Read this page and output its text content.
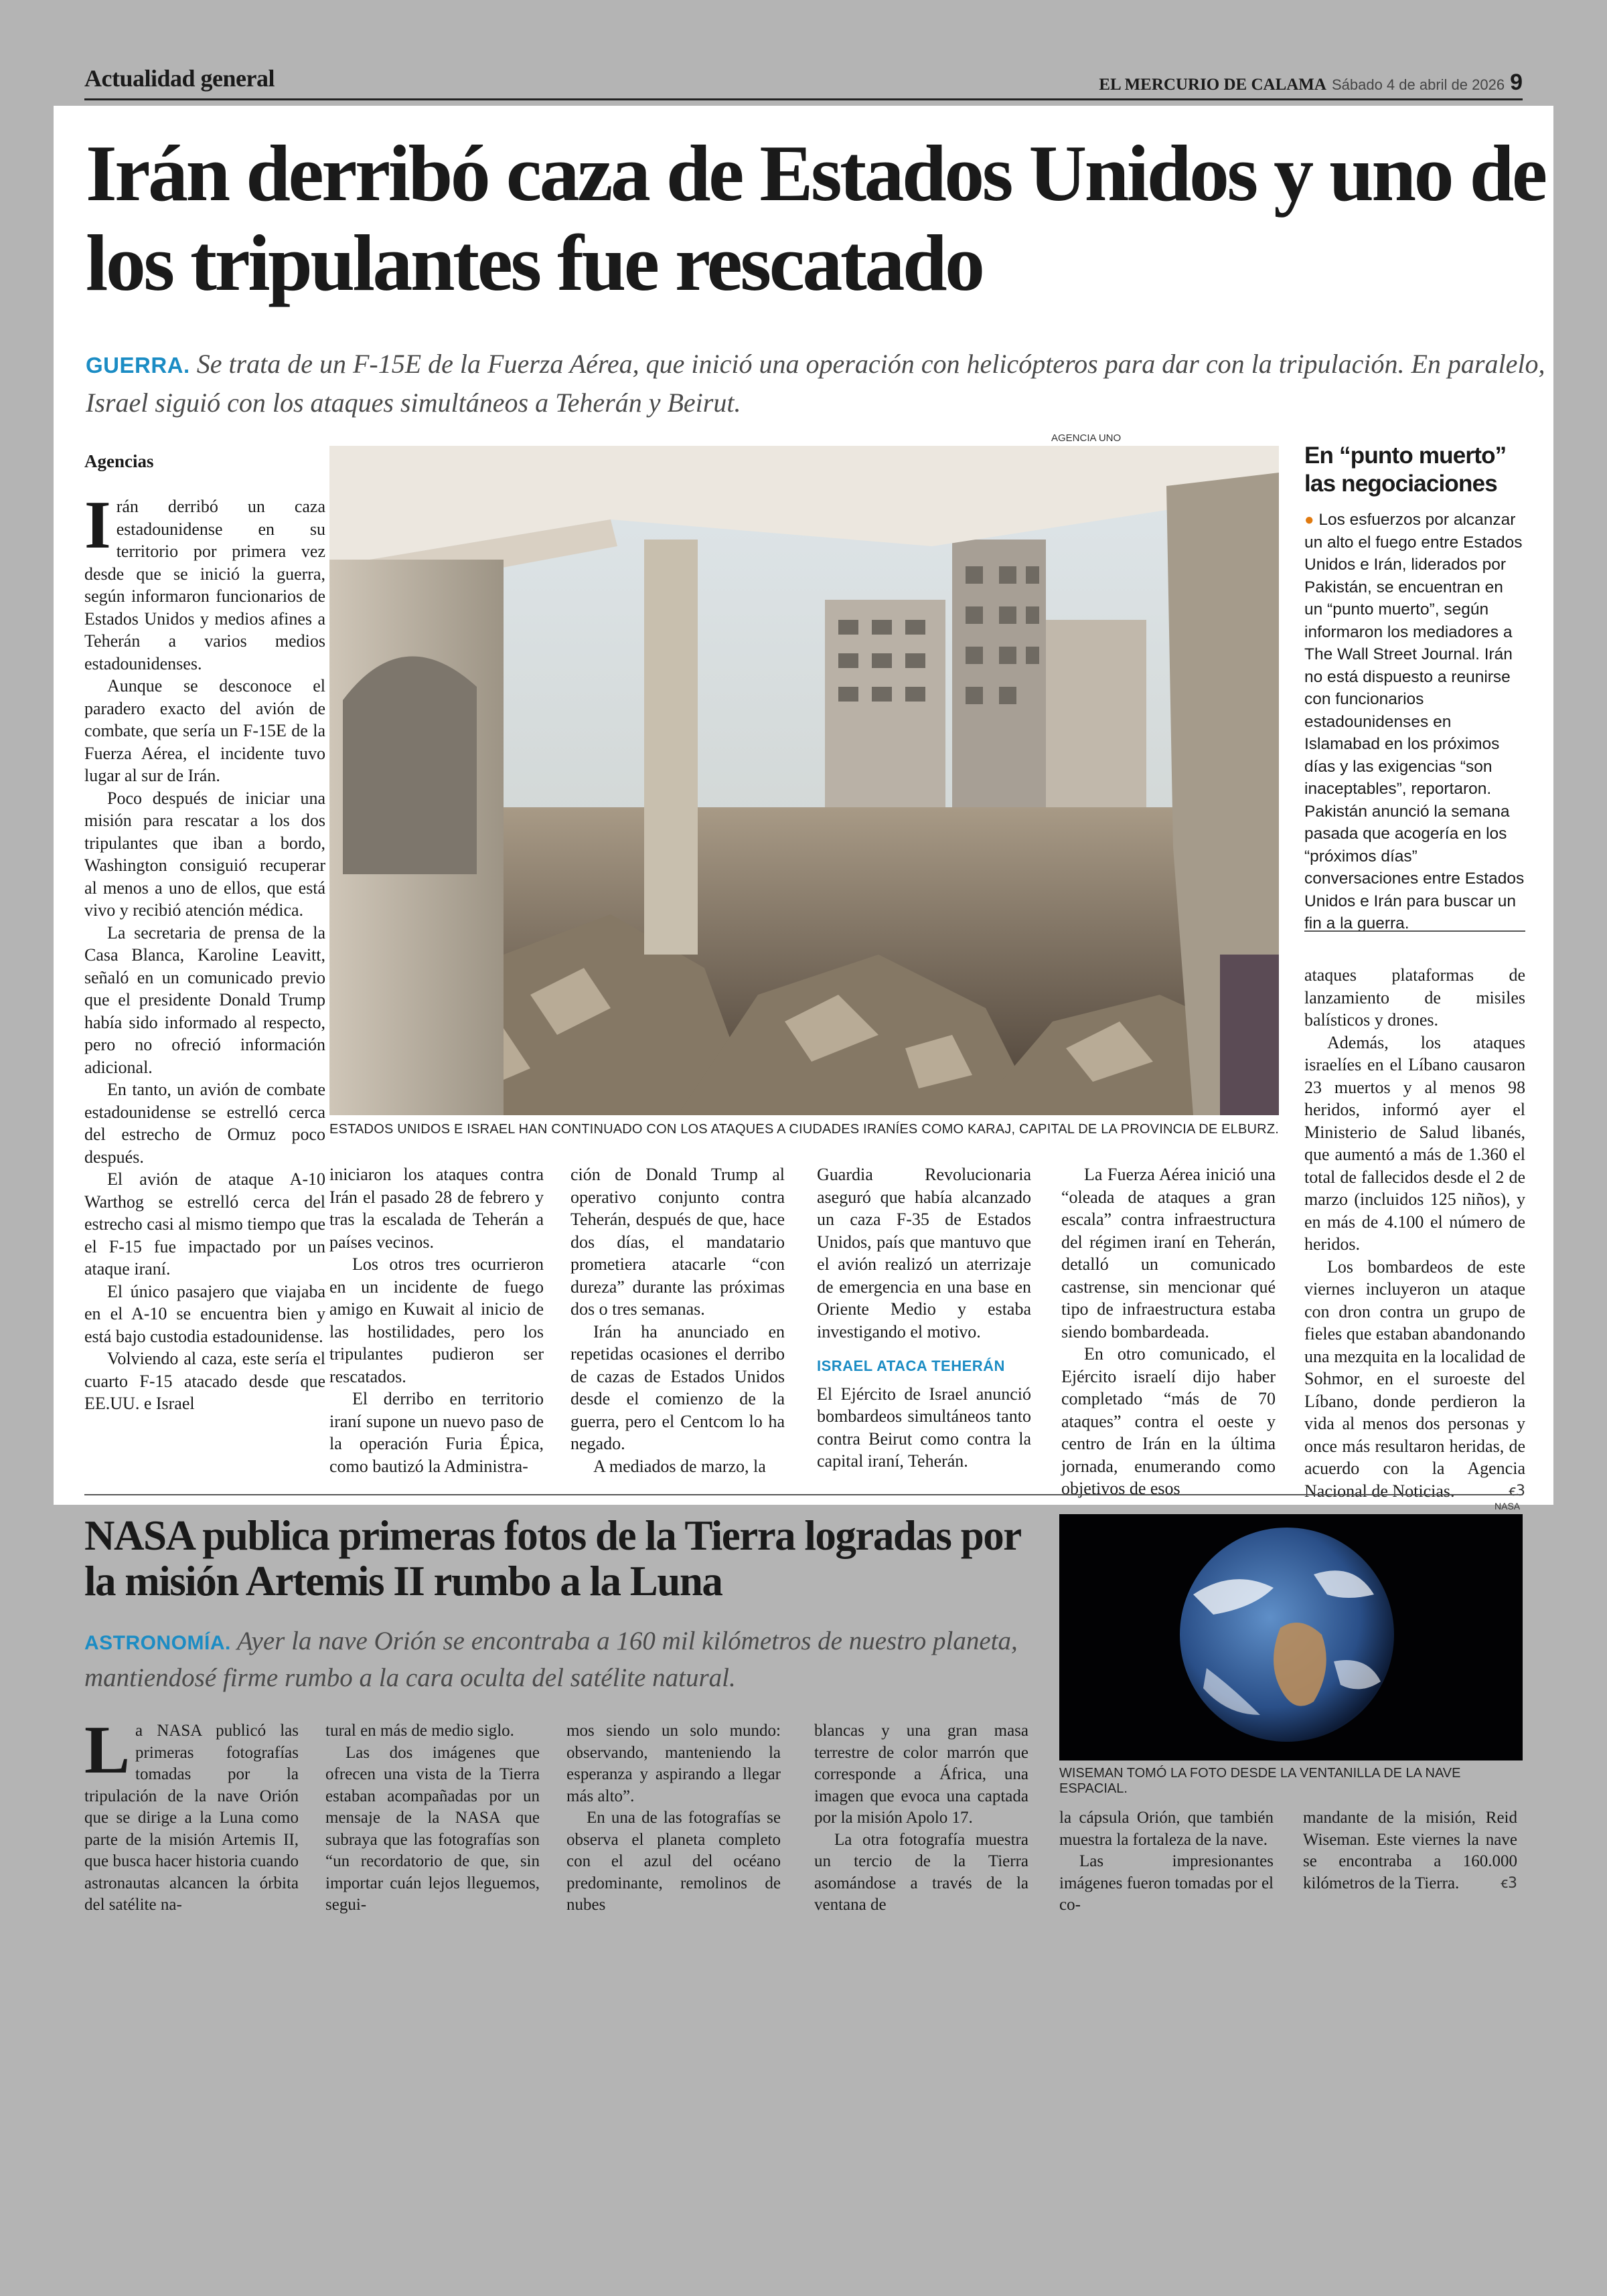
Actualidad general	EL MERCURIO DE CALAMA Sábado 4 de abril de 2026 9
Irán derribó caza de Estados Unidos y uno de los tripulantes fue rescatado
GUERRA. Se trata de un F-15E de la Fuerza Aérea, que inició una operación con helicópteros para dar con la tripulación. En paralelo, Israel siguió con los ataques simultáneos a Teherán y Beirut.
Agencias

Irán derribó un caza estadounidense en su territorio por primera vez desde que se inició la guerra, según informaron funcionarios de Estados Unidos y medios afines a Teherán a varios medios estadounidenses.

Aunque se desconoce el paradero exacto del avión de combate, que sería un F-15E de la Fuerza Aérea, el incidente tuvo lugar al sur de Irán.

Poco después de iniciar una misión para rescatar a los dos tripulantes que iban a bordo, Washington consiguió recuperar al menos a uno de ellos, que está vivo y recibió atención médica.

La secretaria de prensa de la Casa Blanca, Karoline Leavitt, señaló en un comunicado previo que el presidente Donald Trump había sido informado al respecto, pero no ofreció información adicional.

En tanto, un avión de combate estadounidense se estrelló cerca del estrecho de Ormuz poco después.

El avión de ataque A-10 Warthog se estrelló cerca del estrecho casi al mismo tiempo que el F-15 fue impactado por un ataque iraní.

El único pasajero que viajaba en el A-10 se encuentra bien y está bajo custodia estadounidense.

Volviendo al caza, este sería el cuarto F-15 atacado desde que EE.UU. e Israel

AGENCIA UNO
ESTADOS UNIDOS E ISRAEL HAN CONTINUADO CON LOS ATAQUES A CIUDADES IRANÍES COMO KARAJ, CAPITAL DE LA PROVINCIA DE ELBURZ.
En “punto muerto” las negociaciones
● Los esfuerzos por alcanzar un alto el fuego entre Estados Unidos e Irán, liderados por Pakistán, se encuentran en un “punto muerto”, según informaron los mediadores a The Wall Street Journal. Irán no está dispuesto a reunirse con funcionarios estadounidenses en Islamabad en los próximos días y las exigencias “son inaceptables”, reportaron. Pakistán anunció la semana pasada que acogería en los “próximos días” conversaciones entre Estados Unidos e Irán para buscar un fin a la guerra.

iniciaron los ataques contra Irán el pasado 28 de febrero y tras la escalada de Teherán a países vecinos.

Los otros tres ocurrieron en un incidente de fuego amigo en Kuwait al inicio de las hostilidades, pero los tripulantes pudieron ser rescatados.

El derribo en territorio iraní supone un nuevo paso de la operación Furia Épica, como bautizó la Administra-

ción de Donald Trump al operativo conjunto contra Teherán, después de que, hace dos días, el mandatario prometiera atacarle “con dureza” durante las próximas dos o tres semanas.

Irán ha anunciado en repetidas ocasiones el derribo de cazas de Estados Unidos desde el comienzo de la guerra, pero el Centcom lo ha negado.

A mediados de marzo, la

Guardia Revolucionaria aseguró que había alcanzado un caza F-35 de Estados Unidos, país que mantuvo que el avión realizó un aterrizaje de emergencia en una base en Oriente Medio y estaba investigando el motivo.

ISRAEL ATACA TEHERÁN

El Ejército de Israel anunció bombardeos simultáneos tanto contra Beirut como contra la capital iraní, Teherán.

La Fuerza Aérea inició una “oleada de ataques a gran escala” contra infraestructura del régimen iraní en Teherán, detalló un comunicado castrense, sin mencionar qué tipo de infraestructura estaba siendo bombardeada.

En otro comunicado, el Ejército israelí dijo haber completado “más de 70 ataques” contra el oeste y centro de Irán en la última jornada, enumerando como objetivos de esos

ataques plataformas de lanzamiento de misiles balísticos y drones.

Además, los ataques israelíes en el Líbano causaron 23 muertos y al menos 98 heridos, informó ayer el Ministerio de Salud libanés, que aumentó a más de 1.360 el total de fallecidos desde el 2 de marzo (incluidos 125 niños), y en más de 4.100 el número de heridos.

Los bombardeos de este viernes incluyeron un ataque con dron contra un grupo de fieles que estaban abandonando una mezquita en la localidad de Sohmor, en el suroeste del Líbano, donde perdieron la vida al menos dos personas y once más resultaron heridas, de acuerdo con la Agencia Nacional de Noticias.	ꞓ3

NASA publica primeras fotos de la Tierra logradas por la misión Artemis II rumbo a la Luna
ASTRONOMÍA. Ayer la nave Orión se encontraba a 160 mil kilómetros de nuestro planeta, mantiendosé firme rumbo a la cara oculta del satélite natural.
NASA
WISEMAN TOMÓ LA FOTO DESDE LA VENTANILLA DE LA NAVE ESPACIAL.

La NASA publicó las primeras fotografías tomadas por la tripulación de la nave Orión que se dirige a la Luna como parte de la misión Artemis II, que busca hacer historia cuando astronautas alcancen la órbita del satélite na-

tural en más de medio siglo.

Las dos imágenes que ofrecen una vista de la Tierra estaban acompañadas por un mensaje de la NASA que subraya que las fotografías son “un recordatorio de que, sin importar cuán lejos lleguemos, segui-

mos siendo un solo mundo: observando, manteniendo la esperanza y aspirando a llegar más alto”.

En una de las fotografías se observa el planeta completo con el azul del océano predominante, remolinos de nubes

blancas y una gran masa terrestre de color marrón que corresponde a África, una imagen que evoca una captada por la misión Apolo 17.

La otra fotografía muestra un tercio de la Tierra asomándose a través de la ventana de

la cápsula Orión, que también muestra la fortaleza de la nave.

Las impresionantes imágenes fueron tomadas por el co-

mandante de la misión, Reid Wiseman. Este viernes la nave se encontraba a 160.000 kilómetros de la Tierra.	ꞓ3
